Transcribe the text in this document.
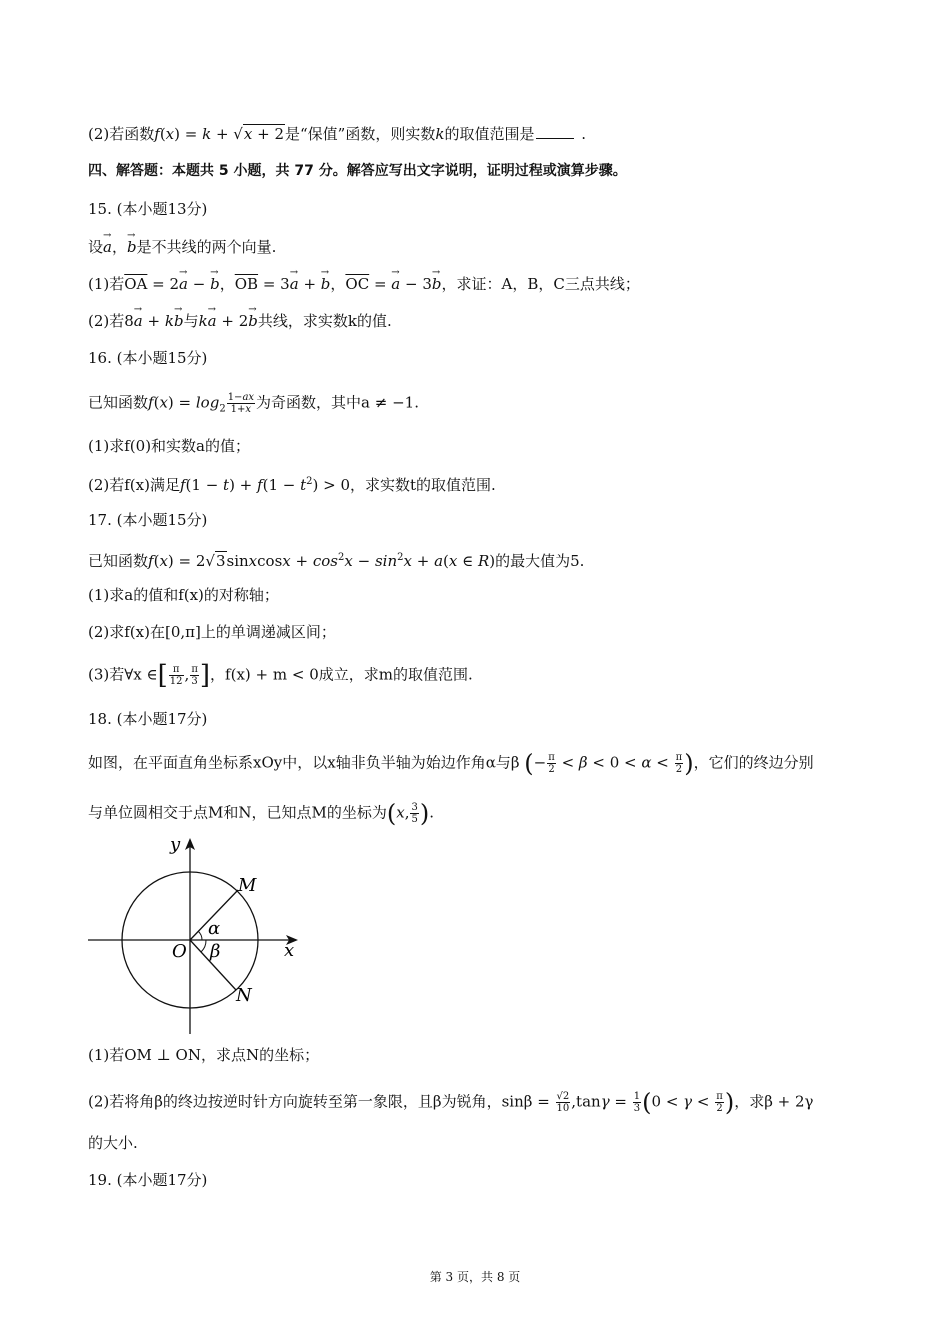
(2)若函数f(x) = k + √x + 2是“保值”函数，则实数k的取值范围是	.
四、解答题：本题共 5 小题，共 77 分。解答应写出文字说明，证明过程或演算步骤。
15. (本小题13分)
设→ a，→ b是不共线的两个向量.
(1)若$\overline{OA} = 2\to a$ − → b，$\overline{OB} = 3\to a$ + → b，$\overline{OC}$ = → a − 3→ b，求证：A，B，C三点共线；
(2)若8→ a + k→ b与k→ a + 2→ b共线，求实数k的值.
16. (本小题15分)
已知函数$f(x) = \log_2 \frac{1-ax}{1+x}$ 为奇函数，其中a ≠ −1.
(1)求f(0)和实数a的值；
(2)若f(x)满足$f(1 - t) + f(1 - t^2) > 0$，求实数t的取值范围.
17. (本小题15分)
已知函数f(x) = 2√3sinxcosx + $\cos^2x - \sin^2x + a(x$ ∈ R)的最大值为5.
(1)求a的值和f(x)的对称轴；
(2)求f(x)在[0,π]上的单调递减区间；
(3)若∀x ∈[ $\frac{\pi}{12}$ , $\frac{\pi}{3}$ ]，f(x) + m < 0成立，求m的取值范围.
18. (本小题17分)
如图，在平面直角坐标系xOy中，以x轴非负半轴为始边作角α与β (− $\frac{\pi}{2} < \beta < 0 < \alpha < \frac{\pi}{2}$ )，它们的终边分别
与单位圆相交于点M和N，已知点M的坐标为(x, $\frac{3}{5}$ ).
y
x
O
M
N
α
β
(1)若OM ⊥ ON，求点N的坐标；
(2)若将角β的终边按逆时针方向旋转至第一象限，且β为锐角，$\sin\beta = \frac{√2}{10} ,\tan\gamma = \frac{1}{3} (0 < \gamma < \frac{\pi}{2}$ )，求β + 2γ
的大小.
19. (本小题17分)
第 3 页，共 8 页
